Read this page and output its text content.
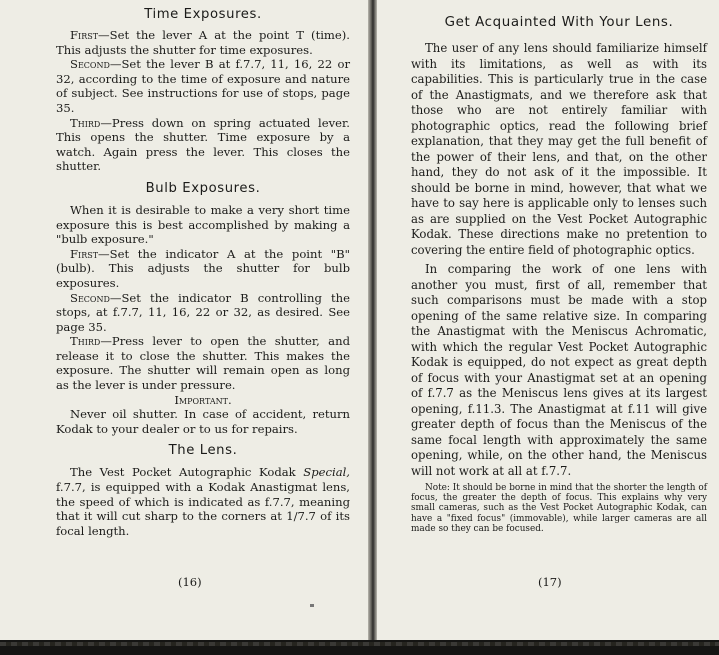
Time Exposures.

First—Set the lever A at the point T (time). This adjusts the shutter for time exposures.

Second—Set the lever B at f.7.7, 11, 16, 22 or 32, according to the time of exposure and nature of subject. See instructions for use of stops, page 35.

Third—Press down on spring actuated lever. This opens the shutter. Time exposure by a watch. Again press the lever. This closes the shutter.

Bulb Exposures.

When it is desirable to make a very short time exposure this is best accomplished by making a "bulb exposure."

First—Set the indicator A at the point "B" (bulb). This adjusts the shutter for bulb exposures.

Second—Set the indicator B controlling the stops, at f.7.7, 11, 16, 22 or 32, as desired. See page 35.

Third—Press lever to open the shutter, and release it to close the shutter. This makes the exposure. The shutter will remain open as long as the lever is under pressure.

Important.

Never oil shutter. In case of accident, return Kodak to your dealer or to us for repairs.

The Lens.

The Vest Pocket Autographic Kodak Special, f.7.7, is equipped with a Kodak Anastigmat lens, the speed of which is indicated as f.7.7, meaning that it will cut sharp to the corners at 1/7.7 of its focal length.

Get Acquainted With Your Lens.

The user of any lens should familiarize himself with its limitations, as well as with its capabilities. This is particularly true in the case of the Anastigmats, and we therefore ask that those who are not entirely familiar with photographic optics, read the following brief explanation, that they may get the full benefit of the power of their lens, and that, on the other hand, they do not ask of it the impossible. It should be borne in mind, however, that what we have to say here is applicable only to lenses such as are supplied on the Vest Pocket Autographic Kodak. These directions make no pretention to covering the entire field of photographic optics.

In comparing the work of one lens with another you must, first of all, remember that such comparisons must be made with a stop opening of the same relative size. In comparing the Anastigmat with the Meniscus Achromatic, with which the regular Vest Pocket Autographic Kodak is equipped, do not expect as great depth of focus with your Anastigmat set at an opening of f.7.7 as the Meniscus lens gives at its largest opening, f.11.3. The Anastigmat at f.11 will give greater depth of focus than the Meniscus of the same focal length with approximately the same opening, while, on the other hand, the Meniscus will not work at all at f.7.7.

Note: It should be borne in mind that the shorter the length of focus, the greater the depth of focus. This explains why very small cameras, such as the Vest Pocket Autographic Kodak, can have a "fixed focus" (immovable), while larger cameras are all made so they can be focused.

(16)	(17)
